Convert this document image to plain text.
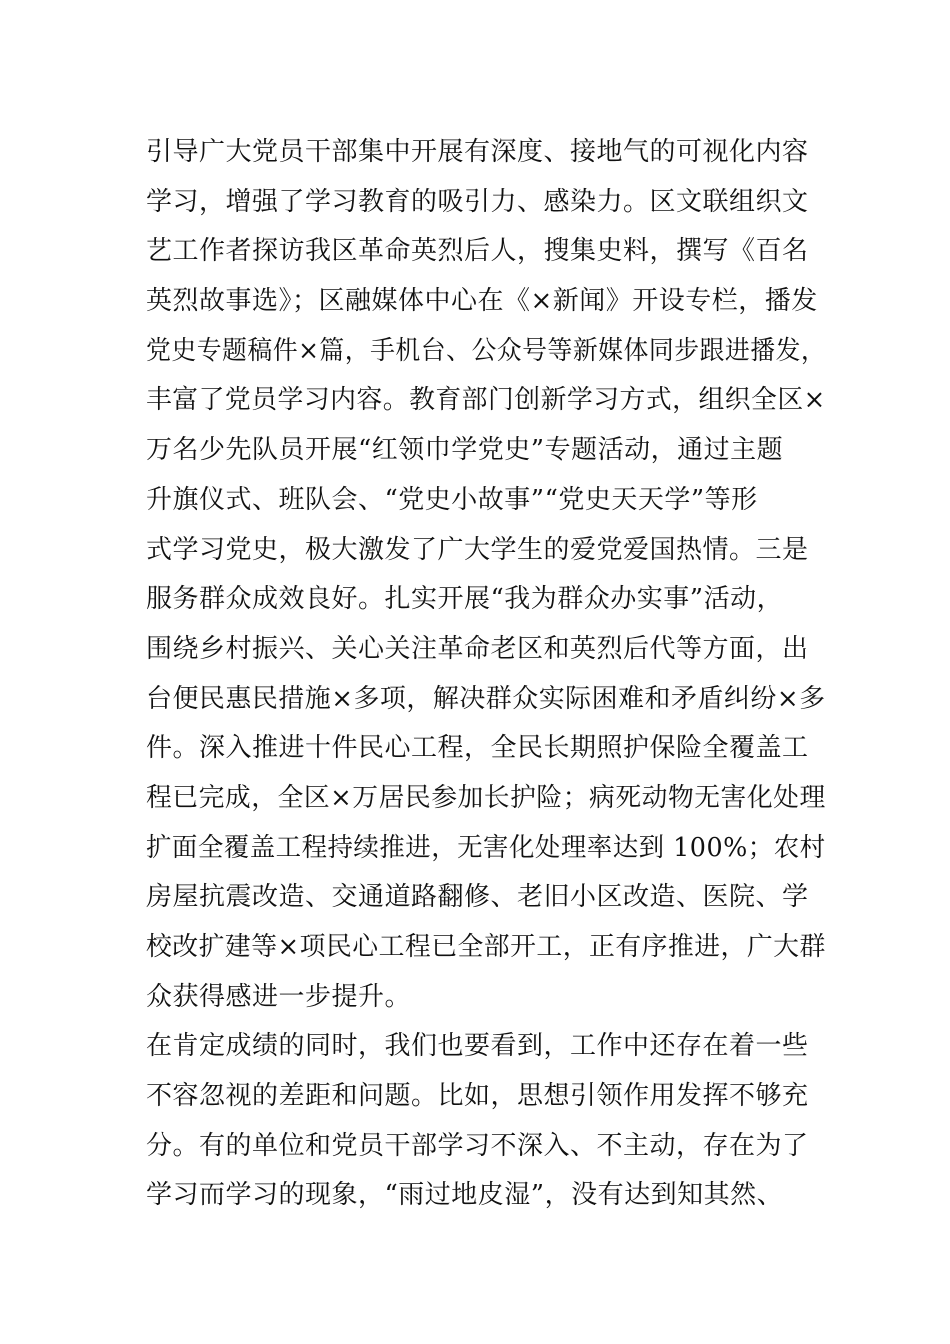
引导广大党员干部集中开展有深度、接地气的可视化内容
学习，增强了学习教育的吸引力、感染力。区文联组织文
艺工作者探访我区革命英烈后人，搜集史料，撰写《百名
英烈故事选》；区融媒体中心在《×新闻》开设专栏，播发
党史专题稿件×篇，手机台、公众号等新媒体同步跟进播发，
丰富了党员学习内容。教育部门创新学习方式，组织全区×
万名少先队员开展“红领巾学党史”专题活动，通过主题
升旗仪式、班队会、“党史小故事”“党史天天学”等形
式学习党史，极大激发了广大学生的爱党爱国热情。三是
服务群众成效良好。扎实开展“我为群众办实事”活动，
围绕乡村振兴、关心关注革命老区和英烈后代等方面，出
台便民惠民措施×多项，解决群众实际困难和矛盾纠纷×多
件。深入推进十件民心工程，全民长期照护保险全覆盖工
程已完成，全区×万居民参加长护险；病死动物无害化处理
扩面全覆盖工程持续推进，无害化处理率达到 100%；农村
房屋抗震改造、交通道路翻修、老旧小区改造、医院、学
校改扩建等×项民心工程已全部开工，正有序推进，广大群
众获得感进一步提升。
在肯定成绩的同时，我们也要看到，工作中还存在着一些
不容忽视的差距和问题。比如，思想引领作用发挥不够充
分。有的单位和党员干部学习不深入、不主动，存在为了
学习而学习的现象，“雨过地皮湿”，没有达到知其然、
